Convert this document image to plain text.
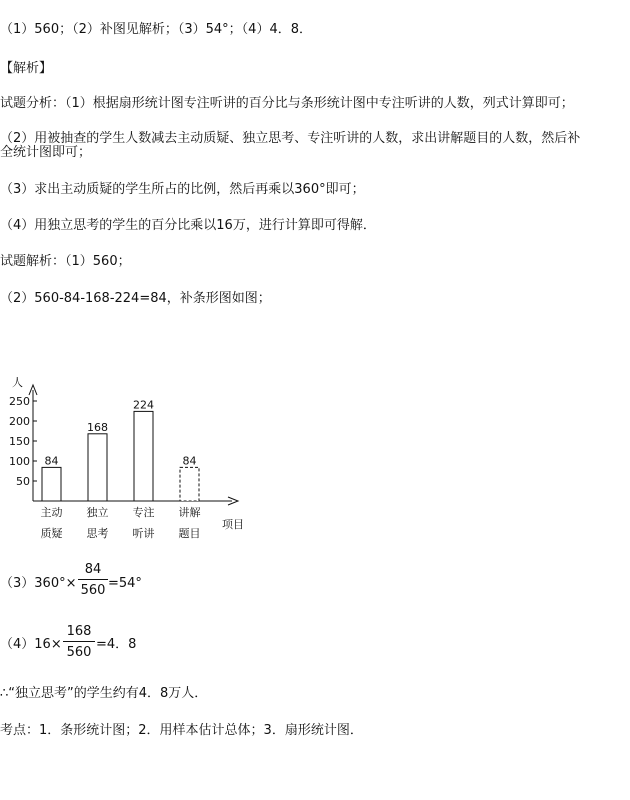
（1）560；（2）补图见解析；（3）54°；（4）4．8．
【解析】
试题分析：（1）根据扇形统计图专注听讲的百分比与条形统计图中专注听讲的人数，列式计算即可；
（2）用被抽查的学生人数减去主动质疑、独立思考、专注听讲的人数，求出讲解题目的人数，然后补
全统计图即可；
（3）求出主动质疑的学生所占的比例，然后再乘以360°即可；
（4）用独立思考的学生的百分比乘以16万，进行计算即可得解．
试题解析：（1）560；
（2）560-84-168-224=84，补条形图如图；
人
项目
50
100
150
200
250
84
主动
质疑
168
独立
思考
224
专注
听讲
84
讲解
题目
（3）360°×
84
560 =54°
（4）16×
168
560
=4．8
∴“独立思考”的学生约有4．8万人．
考点：1．条形统计图；2．用样本估计总体；3．扇形统计图．
